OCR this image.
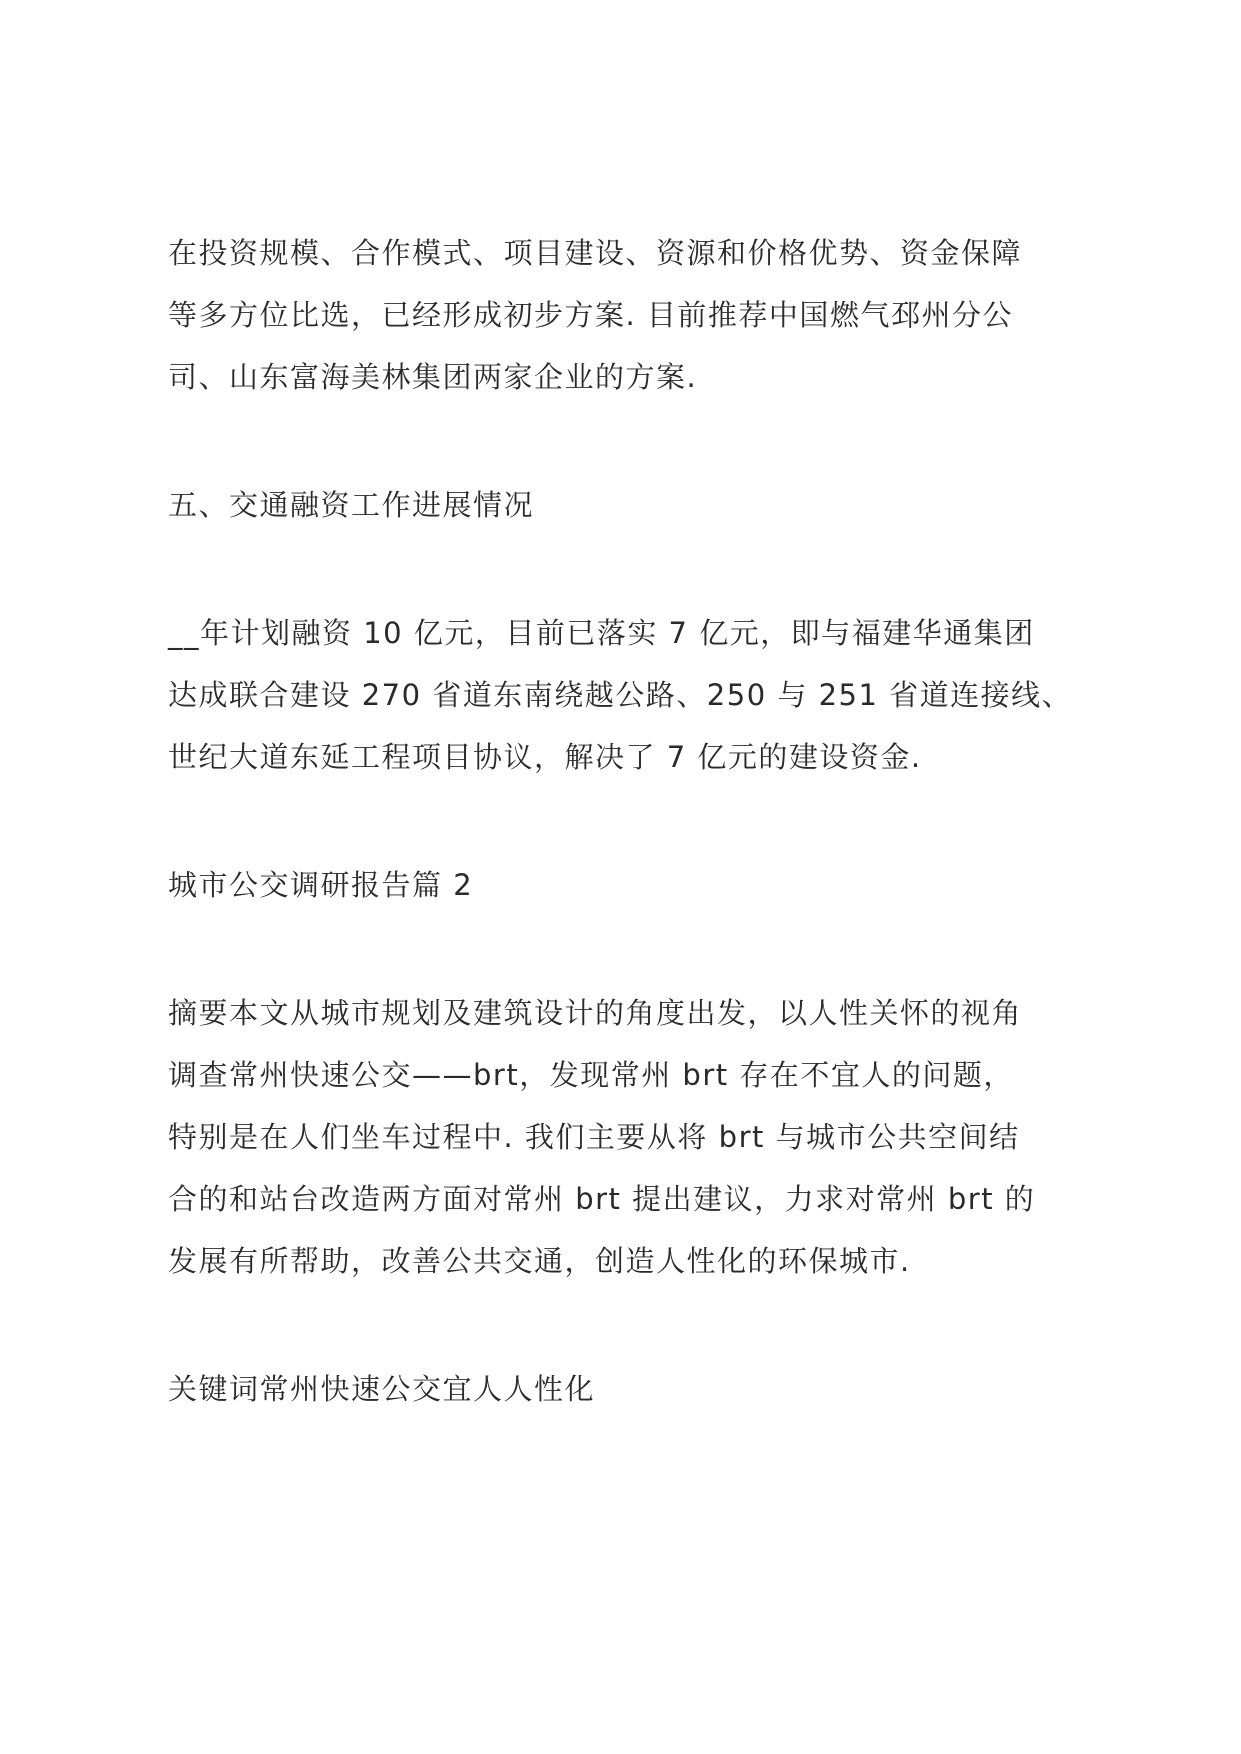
在投资规模、合作模式、项目建设、资源和价格优势、资金保障
等多方位比选，已经形成初步方案. 目前推荐中国燃气邳州分公
司、山东富海美林集团两家企业的方案.
五、交通融资工作进展情况
__年计划融资 10 亿元，目前已落实 7 亿元，即与福建华通集团
达成联合建设 270 省道东南绕越公路、250 与 251 省道连接线、
世纪大道东延工程项目协议，解决了 7 亿元的建设资金.
城市公交调研报告篇 2
摘要本文从城市规划及建筑设计的角度出发，以人性关怀的视角
调查常州快速公交——brt，发现常州 brt 存在不宜人的问题，
特别是在人们坐车过程中. 我们主要从将 brt 与城市公共空间结
合的和站台改造两方面对常州 brt 提出建议，力求对常州 brt 的
发展有所帮助，改善公共交通，创造人性化的环保城市.
关键词常州快速公交宜人人性化
